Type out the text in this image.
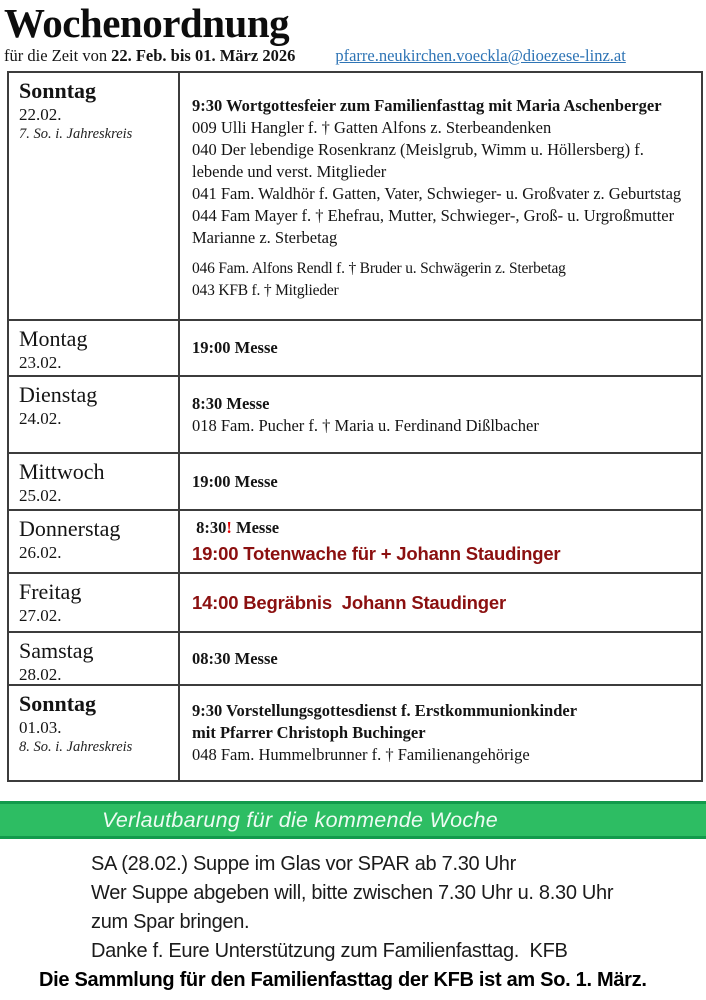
Wochenordnung
für die Zeit von 22. Feb. bis 01. März 2026 pfarre.neukirchen.voeckla@dioezese-linz.at
Sonntag
22.02.
7. So. i. Jahreskreis
9:30 Wortgottesfeier zum Familienfasttag mit Maria Aschenberger
009 Ulli Hangler f. † Gatten Alfons z. Sterbeandenken
040 Der lebendige Rosenkranz (Meislgrub, Wimm u. Höllersberg) f. lebende und verst. Mitglieder
041 Fam. Waldhör f. Gatten, Vater, Schwieger- u. Großvater z. Geburtstag
044 Fam Mayer f. † Ehefrau, Mutter, Schwieger-, Groß- u. Urgroßmutter Marianne z. Sterbetag
046 Fam. Alfons Rendl f. † Bruder u. Schwägerin z. Sterbetag
043 KFB f. † Mitglieder
Montag
23.02.
19:00 Messe
Dienstag
24.02.
8:30 Messe
018 Fam. Pucher f. † Maria u. Ferdinand Dißlbacher
Mittwoch
25.02.
19:00 Messe
Donnerstag
26.02.
8:30! Messe
19:00 Totenwache für + Johann Staudinger
Freitag
27.02.
14:00 Begräbnis  Johann Staudinger
Samstag
28.02.
08:30 Messe
Sonntag
01.03.
8. So. i. Jahreskreis
9:30 Vorstellungsgottesdienst f. Erstkommunionkinder
mit Pfarrer Christoph Buchinger
048 Fam. Hummelbrunner f. † Familienangehörige
Verlautbarung für die kommende Woche

SA (28.02.) Suppe im Glas vor SPAR ab 7.30 Uhr

Wer Suppe abgeben will, bitte zwischen 7.30 Uhr u. 8.30 Uhr

zum Spar bringen.

Danke f. Eure Unterstützung zum Familienfasttag.  KFB

Die Sammlung für den Familienfasttag der KFB ist am So. 1. März.
